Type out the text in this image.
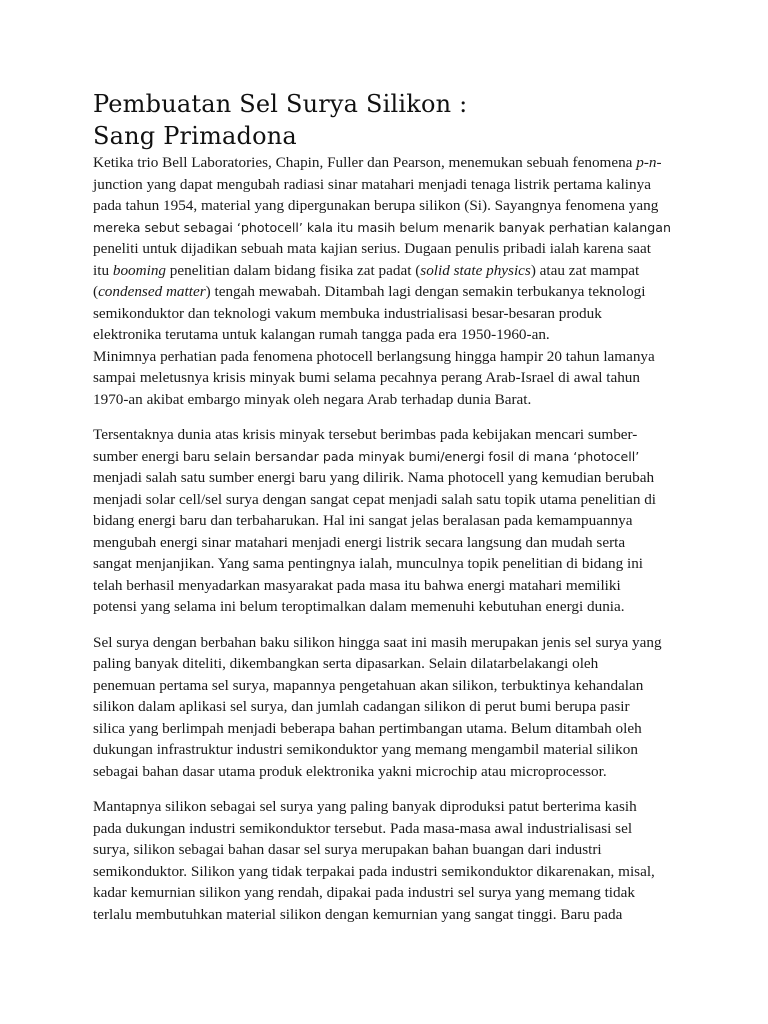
Pembuatan Sel Surya Silikon :
Sang Primadona
Ketika trio Bell Laboratories, Chapin, Fuller dan Pearson, menemukan sebuah fenomena p-n-
junction yang dapat mengubah radiasi sinar matahari menjadi tenaga listrik pertama kalinya
pada tahun 1954, material yang dipergunakan berupa silikon (Si). Sayangnya fenomena yang
mereka sebut sebagai ‘photocell’ kala itu masih belum menarik banyak perhatian kalangan
peneliti untuk dijadikan sebuah mata kajian serius. Dugaan penulis pribadi ialah karena saat
itu booming penelitian dalam bidang fisika zat padat (solid state physics) atau zat mampat
(condensed matter) tengah mewabah. Ditambah lagi dengan semakin terbukanya teknologi
semikonduktor dan teknologi vakum membuka industrialisasi besar-besaran produk
elektronika terutama untuk kalangan rumah tangga pada era 1950-1960-an.
Minimnya perhatian pada fenomena photocell berlangsung hingga hampir 20 tahun lamanya
sampai meletusnya krisis minyak bumi selama pecahnya perang Arab-Israel di awal tahun
1970-an akibat embargo minyak oleh negara Arab terhadap dunia Barat.
Tersentaknya dunia atas krisis minyak tersebut berimbas pada kebijakan mencari sumber-
sumber energi baru selain bersandar pada minyak bumi/energi fosil di mana ‘photocell’
menjadi salah satu sumber energi baru yang dilirik. Nama photocell yang kemudian berubah
menjadi solar cell/sel surya dengan sangat cepat menjadi salah satu topik utama penelitian di
bidang energi baru dan terbaharukan. Hal ini sangat jelas beralasan pada kemampuannya
mengubah energi sinar matahari menjadi energi listrik secara langsung dan mudah serta
sangat menjanjikan. Yang sama pentingnya ialah, munculnya topik penelitian di bidang ini
telah berhasil menyadarkan masyarakat pada masa itu bahwa energi matahari memiliki
potensi yang selama ini belum teroptimalkan dalam memenuhi kebutuhan energi dunia.
Sel surya dengan berbahan baku silikon hingga saat ini masih merupakan jenis sel surya yang
paling banyak diteliti, dikembangkan serta dipasarkan. Selain dilatarbelakangi oleh
penemuan pertama sel surya, mapannya pengetahuan akan silikon, terbuktinya kehandalan
silikon dalam aplikasi sel surya, dan jumlah cadangan silikon di perut bumi berupa pasir
silica yang berlimpah menjadi beberapa bahan pertimbangan utama. Belum ditambah oleh
dukungan infrastruktur industri semikonduktor yang memang mengambil material silikon
sebagai bahan dasar utama produk elektronika yakni microchip atau microprocessor.
Mantapnya silikon sebagai sel surya yang paling banyak diproduksi patut berterima kasih
pada dukungan industri semikonduktor tersebut. Pada masa-masa awal industrialisasi sel
surya, silikon sebagai bahan dasar sel surya merupakan bahan buangan dari industri
semikonduktor. Silikon yang tidak terpakai pada industri semikonduktor dikarenakan, misal,
kadar kemurnian silikon yang rendah, dipakai pada industri sel surya yang memang tidak
terlalu membutuhkan material silikon dengan kemurnian yang sangat tinggi. Baru pada
